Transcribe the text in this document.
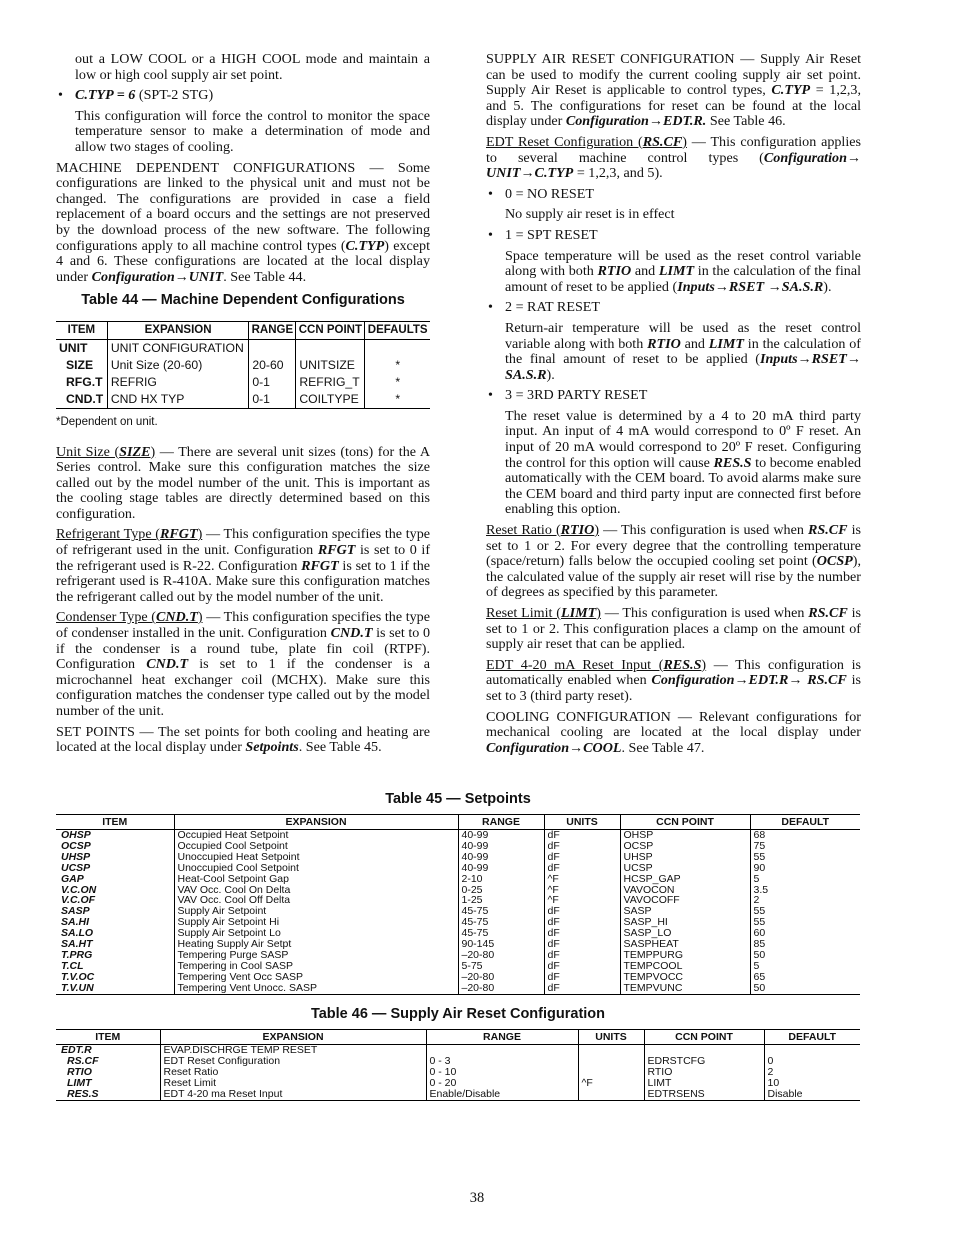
out a LOW COOL or a HIGH COOL mode and maintain a low or high cool supply air set point.

• C.TYP = 6 (SPT-2 STG)

This configuration will force the control to monitor the space temperature sensor to make a determination of mode and allow two stages of cooling.

MACHINE DEPENDENT CONFIGURATIONS — Some configurations are linked to the physical unit and must not be changed. The configurations are provided in case a field replacement of a board occurs and the settings are not preserved by the download process of the new software. The following configurations apply to all machine control types (C.TYP) except 4 and 6. These configurations are located at the local display under Configuration→UNIT. See Table 44.

Table 44 — Machine Dependent Configurations
ITEM	EXPANSION	RANGE	CCN POINT	DEFAULTS
UNIT	UNIT CONFIGURATION			
SIZE	Unit Size (20-60)	20-60	UNITSIZE	*
RFG.T	REFRIG	0-1	REFRIG_T	*
CND.T	CND HX TYP	0-1	COILTYPE	*
*Dependent on unit.

Unit Size (SIZE) — There are several unit sizes (tons) for the A Series control. Make sure this configuration matches the size called out by the model number of the unit. This is important as the cooling stage tables are directly determined based on this configuration.

Refrigerant Type (RFGT) — This configuration specifies the type of refrigerant used in the unit. Configuration RFGT is set to 0 if the refrigerant used is R-22. Configuration RFGT is set to 1 if the refrigerant used is R-410A. Make sure this configuration matches the refrigerant called out by the model number of the unit.

Condenser Type (CND.T) — This configuration specifies the type of condenser installed in the unit. Configuration CND.T is set to 0 if the condenser is a round tube, plate fin coil (RTPF). Configuration CND.T is set to 1 if the condenser is a microchannel heat exchanger coil (MCHX). Make sure this configuration matches the condenser type called out by the model number of the unit.

SET POINTS — The set points for both cooling and heating are located at the local display under Setpoints. See Table 45.

SUPPLY AIR RESET CONFIGURATION — Supply Air Reset can be used to modify the current cooling supply air set point. Supply Air Reset is applicable to control types, C.TYP = 1,2,3, and 5. The configurations for reset can be found at the local display under Configuration→EDT.R. See Table 46.

EDT Reset Configuration (RS.CF) — This configuration applies to several machine control types (Configuration→ UNIT→C.TYP = 1,2,3, and 5).

• 0 = NO RESET

No supply air reset is in effect

• 1 = SPT RESET

Space temperature will be used as the reset control variable along with both RTIO and LIMT in the calculation of the final amount of reset to be applied (Inputs→RSET →SA.S.R).

• 2 = RAT RESET

Return-air temperature will be used as the reset control variable along with both RTIO and LIMT in the calculation of the final amount of reset to be applied (Inputs→RSET→ SA.S.R).

• 3 = 3RD PARTY RESET

The reset value is determined by a 4 to 20 mA third party input. An input of 4 mA would correspond to 0º F reset. An input of 20 mA would correspond to 20º F reset. Configuring the control for this option will cause RES.S to become enabled automatically with the CEM board. To avoid alarms make sure the CEM board and third party input are connected first before enabling this option.

Reset Ratio (RTIO) — This configuration is used when RS.CF is set to 1 or 2. For every degree that the controlling temperature (space/return) falls below the occupied cooling set point (OCSP), the calculated value of the supply air reset will rise by the number of degrees as specified by this parameter.

Reset Limit (LIMT) — This configuration is used when RS.CF is set to 1 or 2. This configuration places a clamp on the amount of supply air reset that can be applied.

EDT 4-20 mA Reset Input (RES.S) — This configuration is automatically enabled when Configuration→EDT.R→ RS.CF is set to 3 (third party reset).

COOLING CONFIGURATION — Relevant configurations for mechanical cooling are located at the local display under Configuration→COOL. See Table 47.

Table 45 — Setpoints
ITEM	EXPANSION	RANGE	UNITS	CCN POINT	DEFAULT
OHSP	Occupied Heat Setpoint	40-99	dF	OHSP	68
OCSP	Occupied Cool Setpoint	40-99	dF	OCSP	75
UHSP	Unoccupied Heat Setpoint	40-99	dF	UHSP	55
UCSP	Unoccupied Cool Setpoint	40-99	dF	UCSP	90
GAP	Heat-Cool Setpoint Gap	2-10	^F	HCSP_GAP	5
V.C.ON	VAV Occ. Cool On Delta	0-25	^F	VAVOCON	3.5
V.C.OF	VAV Occ. Cool Off Delta	1-25	^F	VAVOCOFF	2
SASP	Supply Air Setpoint	45-75	dF	SASP	55
SA.HI	Supply Air Setpoint Hi	45-75	dF	SASP_HI	55
SA.LO	Supply Air Setpoint Lo	45-75	dF	SASP_LO	60
SA.HT	Heating Supply Air Setpt	90-145	dF	SASPHEAT	85
T.PRG	Tempering Purge SASP	–20-80	dF	TEMPPURG	50
T.CL	Tempering in Cool SASP	5-75	dF	TEMPCOOL	5
T.V.OC	Tempering Vent Occ SASP	–20-80	dF	TEMPVOCC	65
T.V.UN	Tempering Vent Unocc. SASP	–20-80	dF	TEMPVUNC	50
Table 46 — Supply Air Reset Configuration
ITEM	EXPANSION	RANGE	UNITS	CCN POINT	DEFAULT
EDT.R	EVAP.DISCHRGE TEMP RESET				
RS.CF	EDT Reset Configuration	0 - 3		EDRSTCFG	0
RTIO	Reset Ratio	0 - 10		RTIO	2
LIMT	Reset Limit	0 - 20	^F	LIMT	10
RES.S	EDT 4-20 ma Reset Input	Enable/Disable		EDTRSENS	Disable
38
